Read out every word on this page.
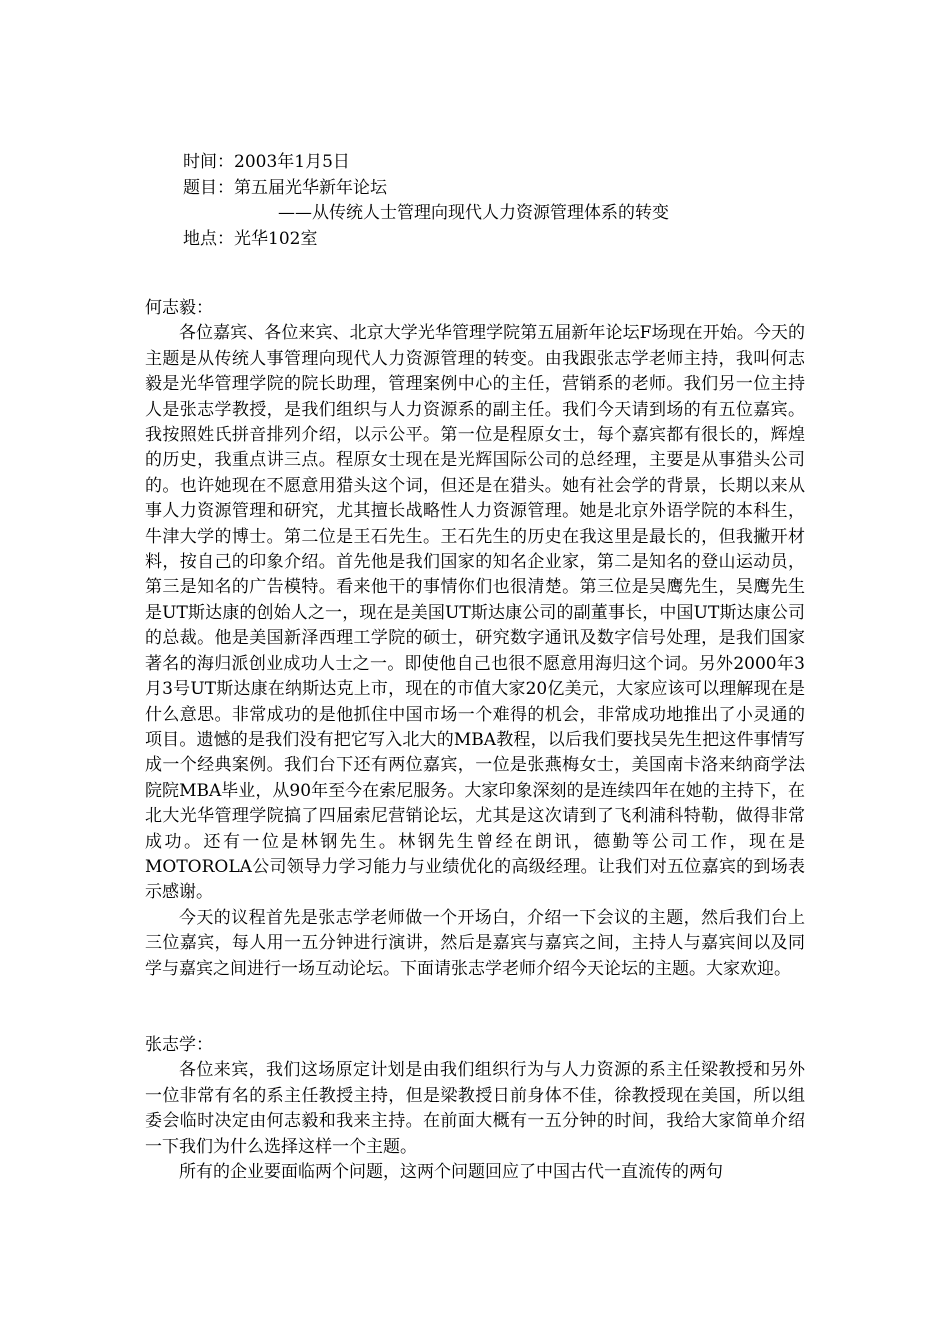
时间：2003年1月5日
题目：第五届光华新年论坛
——从传统人士管理向现代人力资源管理体系的转变
地点：光华102室

何志毅：

各位嘉宾、各位来宾、北京大学光华管理学院第五届新年论坛F场现在开始。今天的主题是从传统人事管理向现代人力资源管理的转变。由我跟张志学老师主持，我叫何志毅是光华管理学院的院长助理，管理案例中心的主任，营销系的老师。我们另一位主持人是张志学教授，是我们组织与人力资源系的副主任。我们今天请到场的有五位嘉宾。我按照姓氏拼音排列介绍，以示公平。第一位是程原女士，每个嘉宾都有很长的，辉煌的历史，我重点讲三点。程原女士现在是光辉国际公司的总经理，主要是从事猎头公司的。也许她现在不愿意用猎头这个词，但还是在猎头。她有社会学的背景，长期以来从事人力资源管理和研究，尤其擅长战略性人力资源管理。她是北京外语学院的本科生，牛津大学的博士。第二位是王石先生。王石先生的历史在我这里是最长的，但我撇开材料，按自己的印象介绍。首先他是我们国家的知名企业家，第二是知名的登山运动员，第三是知名的广告模特。看来他干的事情你们也很清楚。第三位是吴鹰先生，吴鹰先生是UT斯达康的创始人之一，现在是美国UT斯达康公司的副董事长，中国UT斯达康公司的总裁。他是美国新泽西理工学院的硕士，研究数字通讯及数字信号处理，是我们国家著名的海归派创业成功人士之一。即使他自己也很不愿意用海归这个词。另外2000年3月3号UT斯达康在纳斯达克上市，现在的市值大家20亿美元，大家应该可以理解现在是什么意思。非常成功的是他抓住中国市场一个难得的机会，非常成功地推出了小灵通的项目。遗憾的是我们没有把它写入北大的MBA教程，以后我们要找吴先生把这件事情写成一个经典案例。我们台下还有两位嘉宾，一位是张燕梅女士，美国南卡洛来纳商学法院院MBA毕业，从90年至今在索尼服务。大家印象深刻的是连续四年在她的主持下，在北大光华管理学院搞了四届索尼营销论坛，尤其是这次请到了飞利浦科特勒，做得非常成功。还有一位是林钢先生。林钢先生曾经在朗讯，德勤等公司工作，现在是MOTOROLA公司领导力学习能力与业绩优化的高级经理。让我们对五位嘉宾的到场表示感谢。

今天的议程首先是张志学老师做一个开场白，介绍一下会议的主题，然后我们台上三位嘉宾，每人用一五分钟进行演讲，然后是嘉宾与嘉宾之间，主持人与嘉宾间以及同学与嘉宾之间进行一场互动论坛。下面请张志学老师介绍今天论坛的主题。大家欢迎。

张志学：

各位来宾，我们这场原定计划是由我们组织行为与人力资源的系主任梁教授和另外一位非常有名的系主任教授主持，但是梁教授日前身体不佳，徐教授现在美国，所以组委会临时决定由何志毅和我来主持。在前面大概有一五分钟的时间，我给大家简单介绍一下我们为什么选择这样一个主题。

所有的企业要面临两个问题，这两个问题回应了中国古代一直流传的两句
